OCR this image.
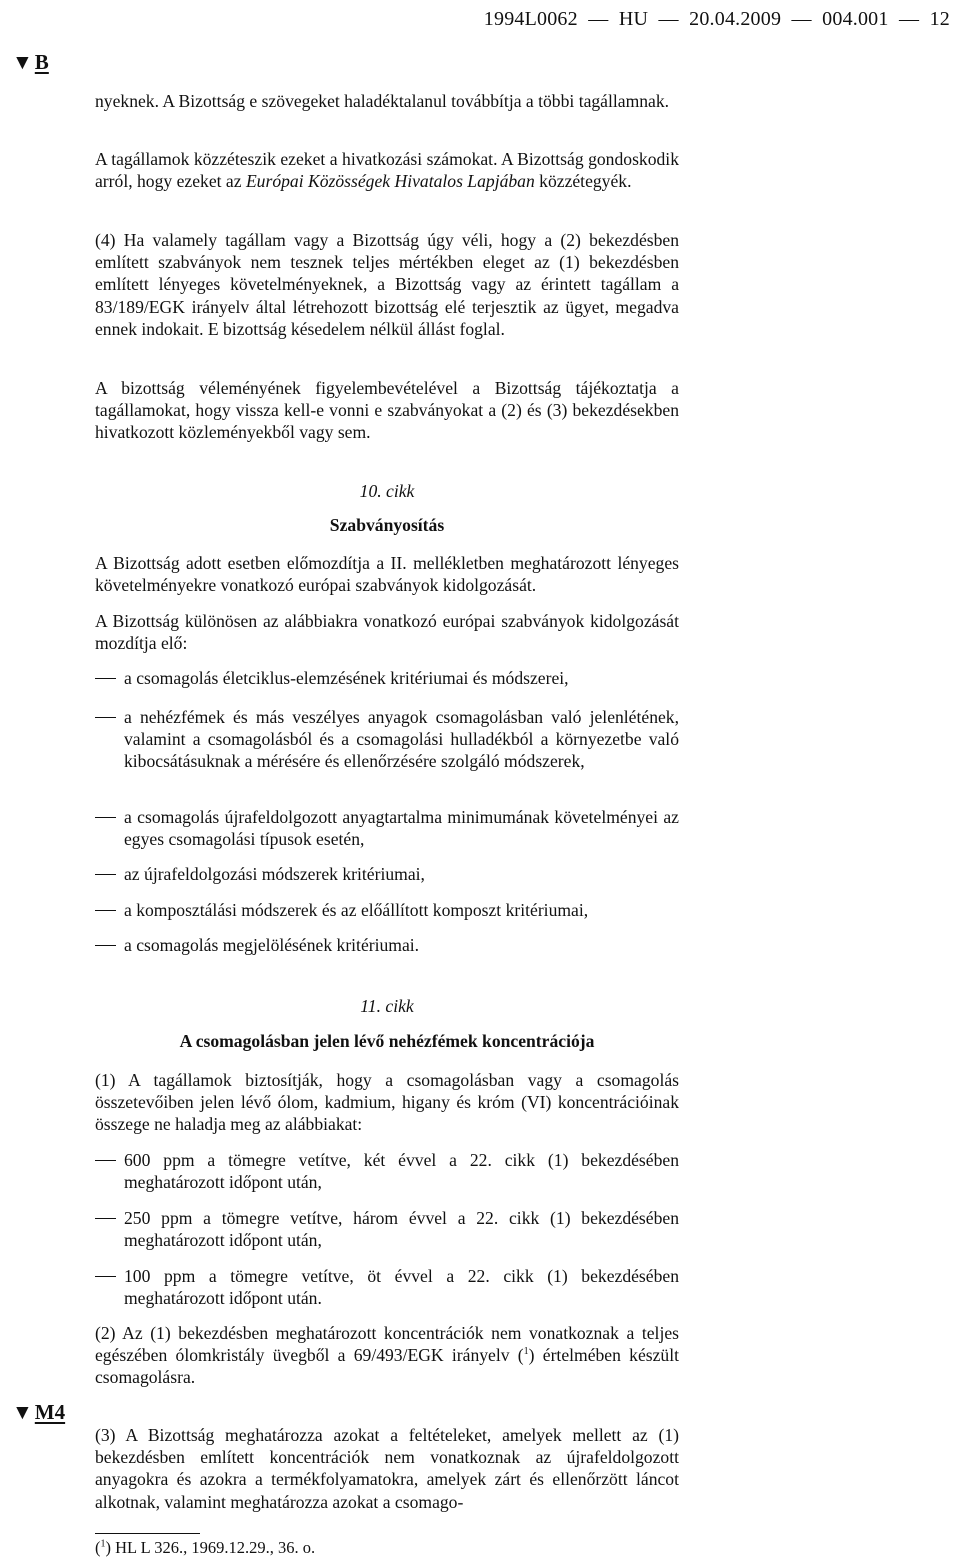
1994L0062  —  HU  —  20.04.2009  —  004.001  —  12
▼B

nyeknek. A Bizottság e szövegeket haladéktalanul továbbítja a többi tagállamnak.

A tagállamok közzéteszik ezeket a hivatkozási számokat. A Bizottság gondoskodik arról, hogy ezeket az Európai Közösségek Hivatalos Lapjában közzétegyék.

(4) Ha valamely tagállam vagy a Bizottság úgy véli, hogy a (2) bekezdésben említett szabványok nem tesznek teljes mértékben eleget az (1) bekezdésben említett lényeges követelményeknek, a Bizottság vagy az érintett tagállam a 83/189/EGK irányelv által létrehozott bizottság elé terjesztik az ügyet, megadva ennek indokait. E bizottság késedelem nélkül állást foglal.

A bizottság véleményének figyelembevételével a Bizottság tájékoztatja a tagállamokat, hogy vissza kell-e vonni e szabványokat a (2) és (3) bekezdésekben hivatkozott közleményekből vagy sem.

10. cikk
Szabványosítás

A Bizottság adott esetben előmozdítja a II. mellékletben meghatározott lényeges követelményekre vonatkozó európai szabványok kidolgozását.

A Bizottság különösen az alábbiakra vonatkozó európai szabványok kidolgozását mozdítja elő:

a csomagolás életciklus-elemzésének kritériumai és módszerei,
a nehézfémek és más veszélyes anyagok csomagolásban való jelenlétének, valamint a csomagolásból és a csomagolási hulladékból a környezetbe való kibocsátásuknak a mérésére és ellenőrzésére szolgáló módszerek,
a csomagolás újrafeldolgozott anyagtartalma minimumának követelményei az egyes csomagolási típusok esetén,
az újrafeldolgozási módszerek kritériumai,
a komposztálási módszerek és az előállított komposzt kritériumai,
a csomagolás megjelölésének kritériumai.
11. cikk
A csomagolásban jelen lévő nehézfémek koncentrációja

(1) A tagállamok biztosítják, hogy a csomagolásban vagy a csomagolás összetevőiben jelen lévő ólom, kadmium, higany és króm (VI) koncentrációinak összege ne haladja meg az alábbiakat:

600 ppm a tömegre vetítve, két évvel a 22. cikk (1) bekezdésében meghatározott időpont után,
250 ppm a tömegre vetítve, három évvel a 22. cikk (1) bekezdésében meghatározott időpont után,
100 ppm a tömegre vetítve, öt évvel a 22. cikk (1) bekezdésében meghatározott időpont után.

(2) Az (1) bekezdésben meghatározott koncentrációk nem vonatkoznak a teljes egészében ólomkristály üvegből a 69/493/EGK irányelv ($^1$) értelmében készült csomagolásra.

▼M4

(3) A Bizottság meghatározza azokat a feltételeket, amelyek mellett az (1) bekezdésben említett koncentrációk nem vonatkoznak az újrafeldolgozott anyagokra és azokra a termékfolyamatokra, amelyek zárt és ellenőrzött láncot alkotnak, valamint meghatározza azokat a csomago-

($^1$) HL L 326., 1969.12.29., 36. o.
